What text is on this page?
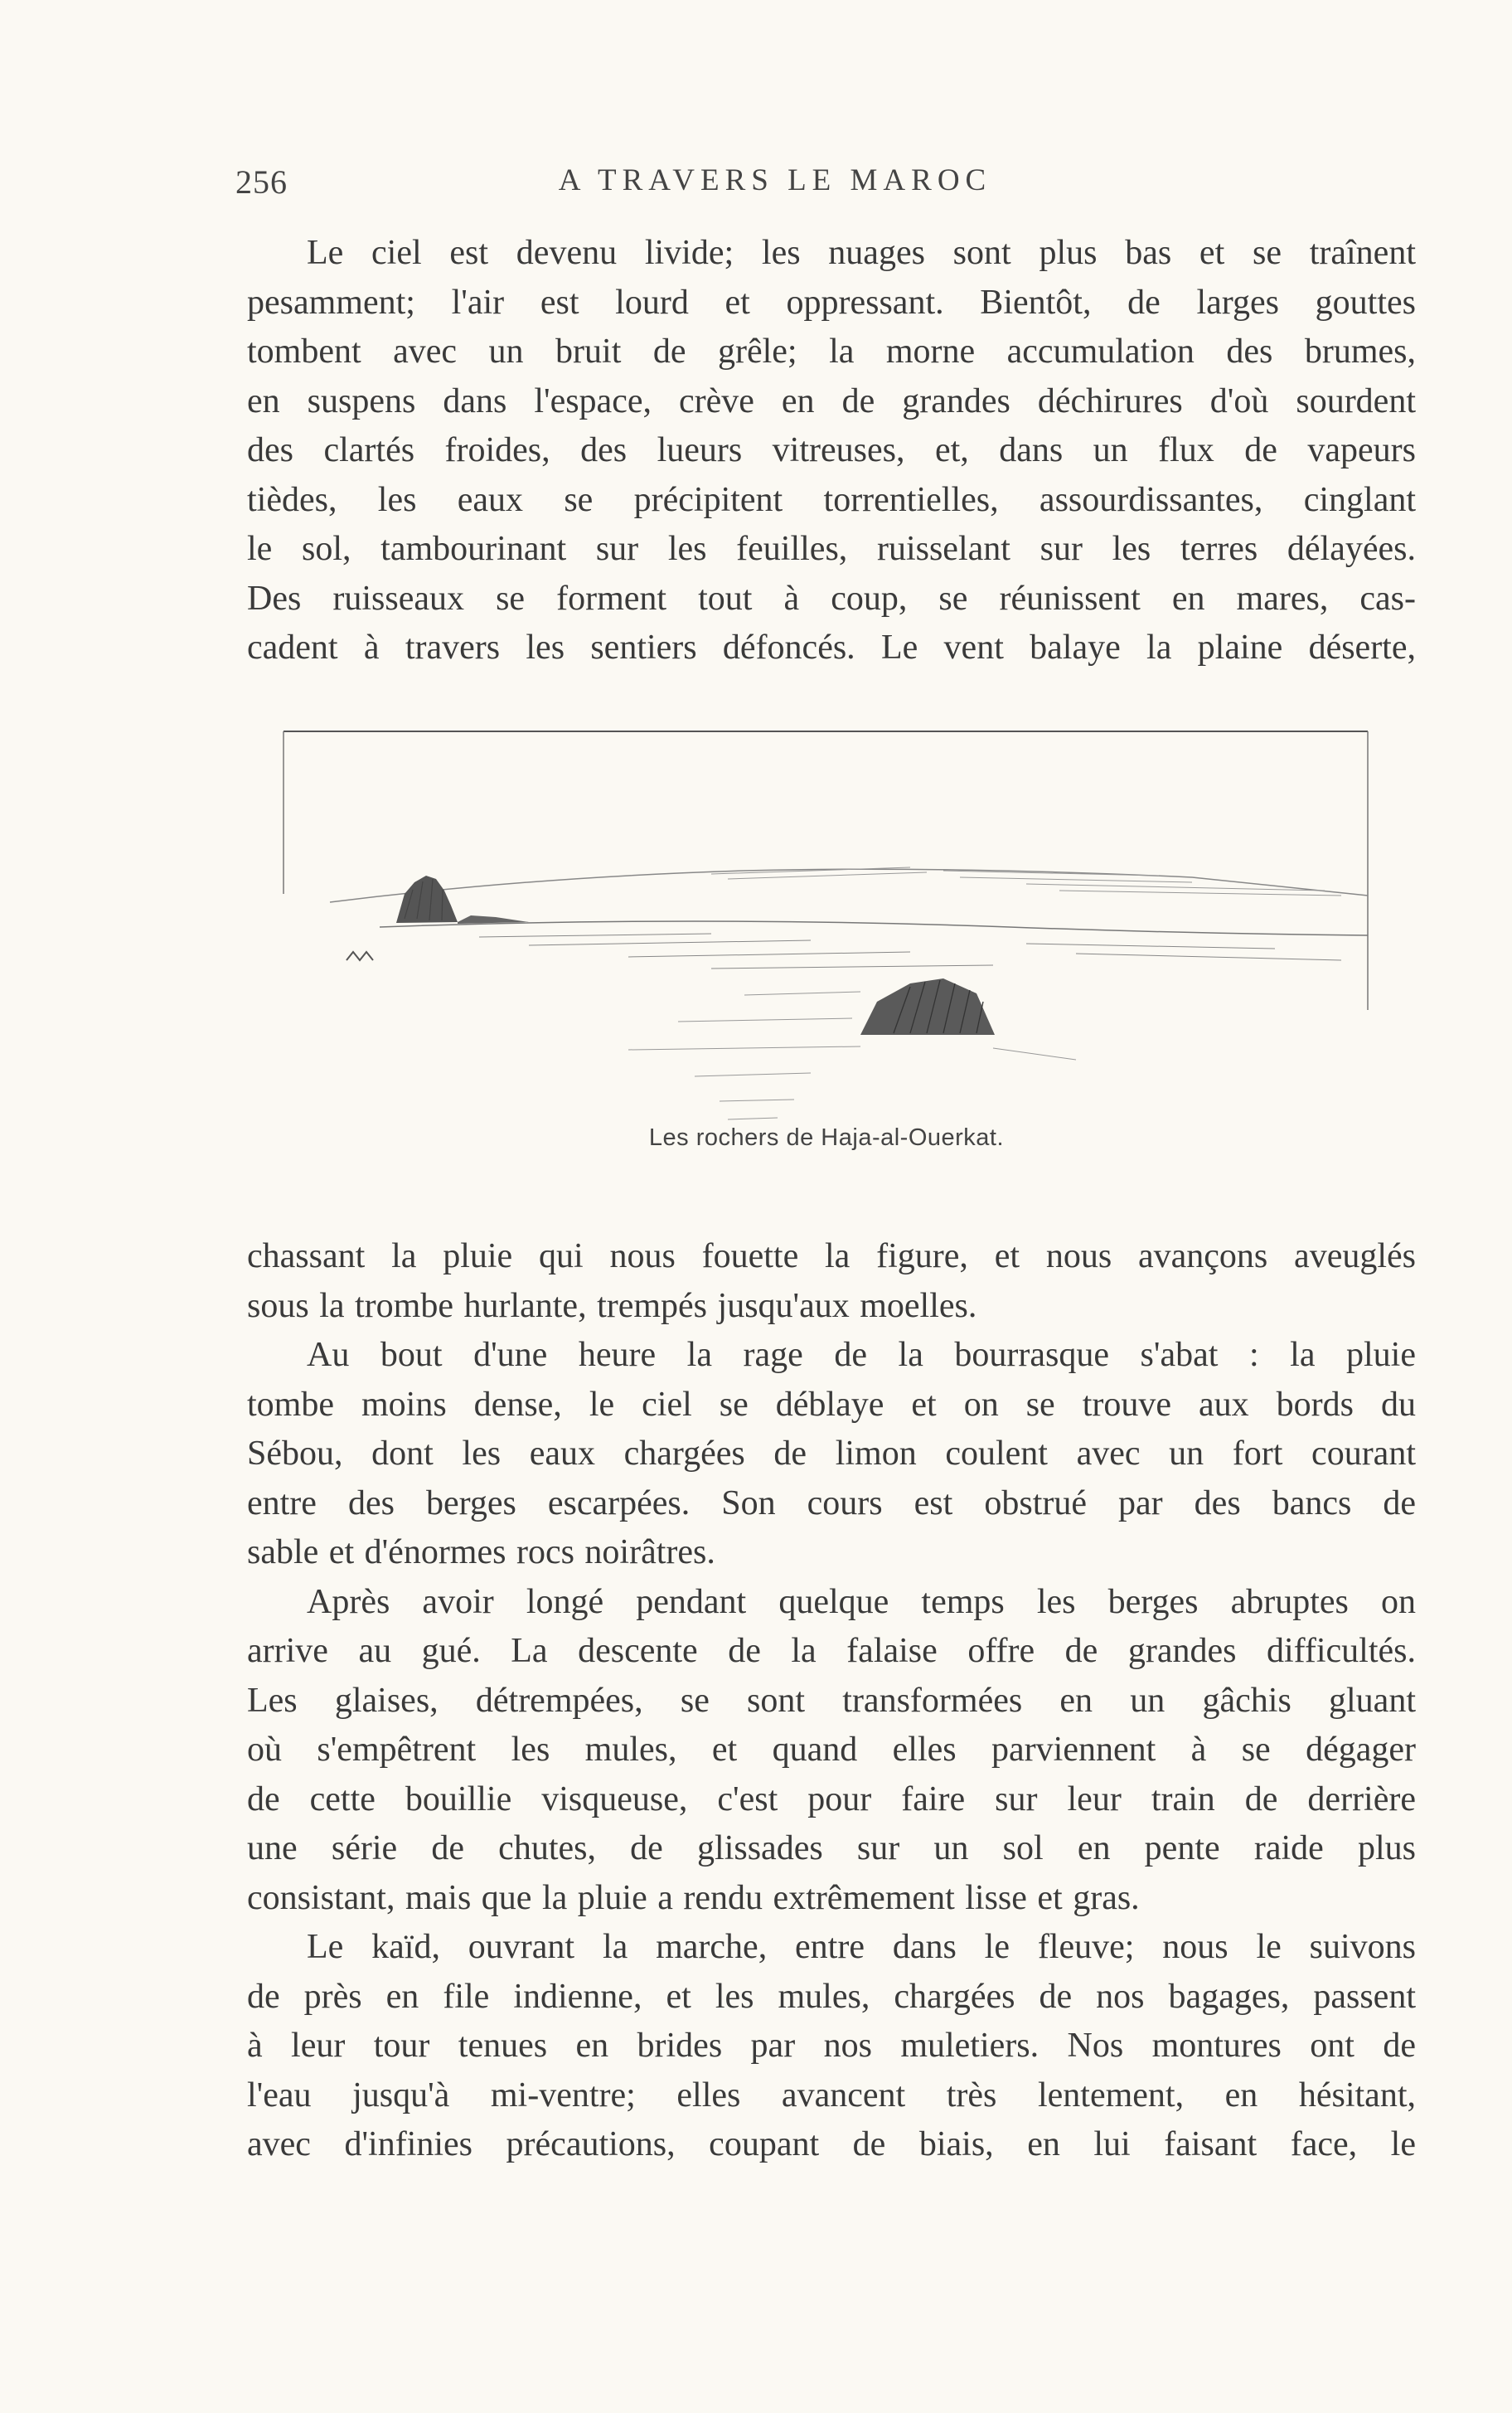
256	A TRAVERS LE MAROC
Le ciel est devenu livide; les nuages sont plus bas et se traînent
pesamment; l'air est lourd et oppressant. Bientôt, de larges gouttes
tombent avec un bruit de grêle; la morne accumulation des brumes,
en suspens dans l'espace, crève en de grandes déchirures d'où sourdent
des clartés froides, des lueurs vitreuses, et, dans un flux de vapeurs
tièdes, les eaux se précipitent torrentielles, assourdissantes, cinglant
le sol, tambourinant sur les feuilles, ruisselant sur les terres délayées.
Des ruisseaux se forment tout à coup, se réunissent en mares, cas-
cadent à travers les sentiers défoncés. Le vent balaye la plaine déserte,
Les rochers de Haja-al-Ouerkat.
chassant la pluie qui nous fouette la figure, et nous avançons aveuglés
sous la trombe hurlante, trempés jusqu'aux moelles.
Au bout d'une heure la rage de la bourrasque s'abat : la pluie
tombe moins dense, le ciel se déblaye et on se trouve aux bords du
Sébou, dont les eaux chargées de limon coulent avec un fort courant
entre des berges escarpées. Son cours est obstrué par des bancs de
sable et d'énormes rocs noirâtres.
Après avoir longé pendant quelque temps les berges abruptes on
arrive au gué. La descente de la falaise offre de grandes difficultés.
Les glaises, détrempées, se sont transformées en un gâchis gluant
où s'empêtrent les mules, et quand elles parviennent à se dégager
de cette bouillie visqueuse, c'est pour faire sur leur train de derrière
une série de chutes, de glissades sur un sol en pente raide plus
consistant, mais que la pluie a rendu extrêmement lisse et gras.
Le kaïd, ouvrant la marche, entre dans le fleuve; nous le suivons
de près en file indienne, et les mules, chargées de nos bagages, passent
à leur tour tenues en brides par nos muletiers. Nos montures ont de
l'eau jusqu'à mi-ventre; elles avancent très lentement, en hésitant,
avec d'infinies précautions, coupant de biais, en lui faisant face, le
